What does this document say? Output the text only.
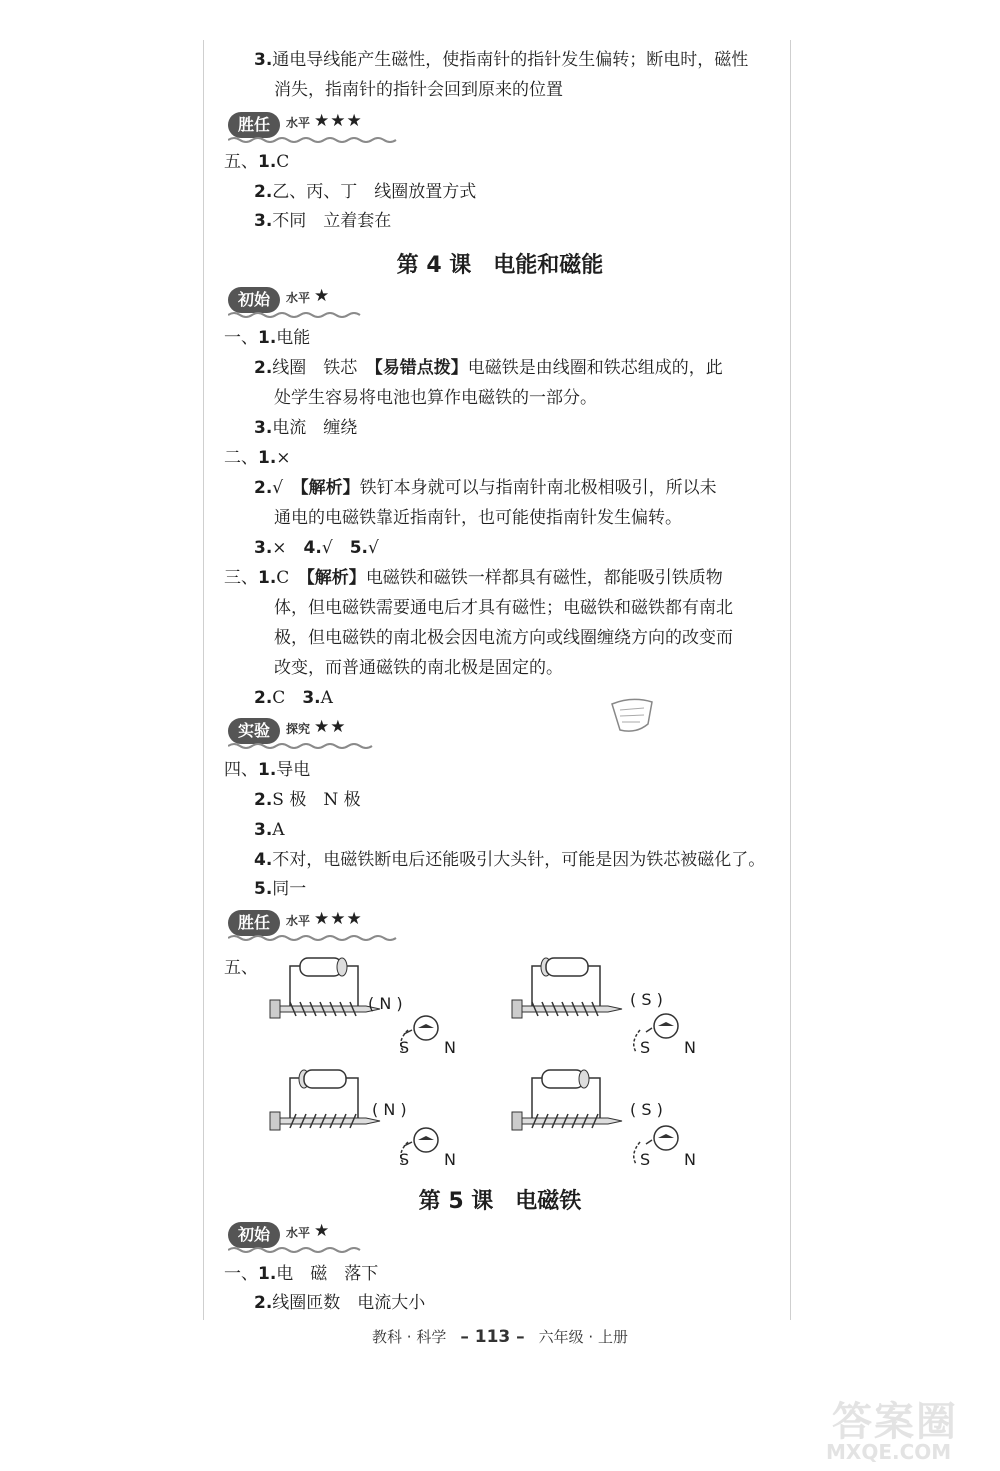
3.通电导线能产生磁性，使指南针的指针发生偏转；断电时，磁性
消失，指南针的指针会回到原来的位置
胜任	水平 ★★★
五、1.C
2.乙、丙、丁　线圈放置方式
3.不同　立着套在
第 4 课　电能和磁能
初始	水平 ★
一、1.电能
2.线圈　铁芯　【易错点拨】电磁铁是由线圈和铁芯组成的，此
处学生容易将电池也算作电磁铁的一部分。
3.电流　缠绕
二、1.×
2.√　【解析】铁钉本身就可以与指南针南北极相吸引，所以未
通电的电磁铁靠近指南针，也可能使指南针发生偏转。
3.×　4.√　5.√
三、1.C　【解析】电磁铁和磁铁一样都具有磁性，都能吸引铁质物
体，但电磁铁需要通电后才具有磁性；电磁铁和磁铁都有南北
极，但电磁铁的南北极会因电流方向或线圈缠绕方向的改变而
改变，而普通磁铁的南北极是固定的。
2.C　3.A
实验	探究 ★★
四、1.导电
2.S 极　N 极
3.A
4.不对，电磁铁断电后还能吸引大头针，可能是因为铁芯被磁化了。
5.同一
胜任	水平 ★★★
五、
( N )
S N
( S )
S N
( N )
S N
( S )
S N
第 5 课　电磁铁
初始	水平 ★
一、1.电　磁　落下
2.线圈匝数　电流大小
教科 · 科学 – 113 – 六年级 · 上册
答案圈
MXQE.COM
